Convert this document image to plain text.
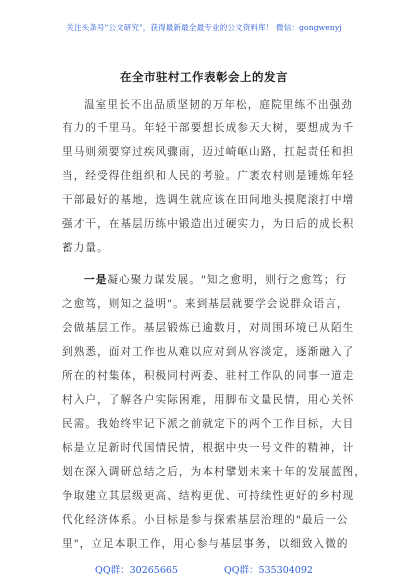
关注头条号"公文研究"，获得最新最全最专业的公文资料库！ 微信：gongwenyj
在全市驻村工作表彰会上的发言
温室里长不出品质坚韧的万年松，庭院里练不出强劲
有力的千里马。年轻干部要想长成参天大树，要想成为千
里马则须要穿过疾风骤雨，迈过崎岖山路，扛起责任和担
当，经受得住组织和人民的考验。广袤农村则是锤炼年轻
干部最好的基地，选调生就应该在田间地头摸爬滚打中增
强才干，在基层历练中锻造出过硬实力，为日后的成长积
蓄力量。
一是凝心聚力谋发展。"知之愈明，则行之愈笃；行
之愈笃，则知之益明"。来到基层就要学会说群众语言，
会做基层工作。基层锻炼已逾数月，对周围环境已从陌生
到熟悉，面对工作也从难以应对到从容淡定，逐渐融入了
所在的村集体，积极同村两委、驻村工作队的同事一道走
村入户，了解各户实际困难，用脚布文量民情，用心关怀
民需。我始终牢记下派之前就定下的两个工作目标，大目
标是立足新时代国情民情，根据中央一号文件的精神，计
划在深入调研总结之后，为本村擘划未来十年的发展蓝图，
争取建立其层级更高、结构更优、可持续性更好的乡村现
代化经济体系。小目标是参与探索基层治理的"最后一公
里"，立足本职工作，用心参与基层事务，以细致入微的
QQ群：30265665	QQ群：535304092
